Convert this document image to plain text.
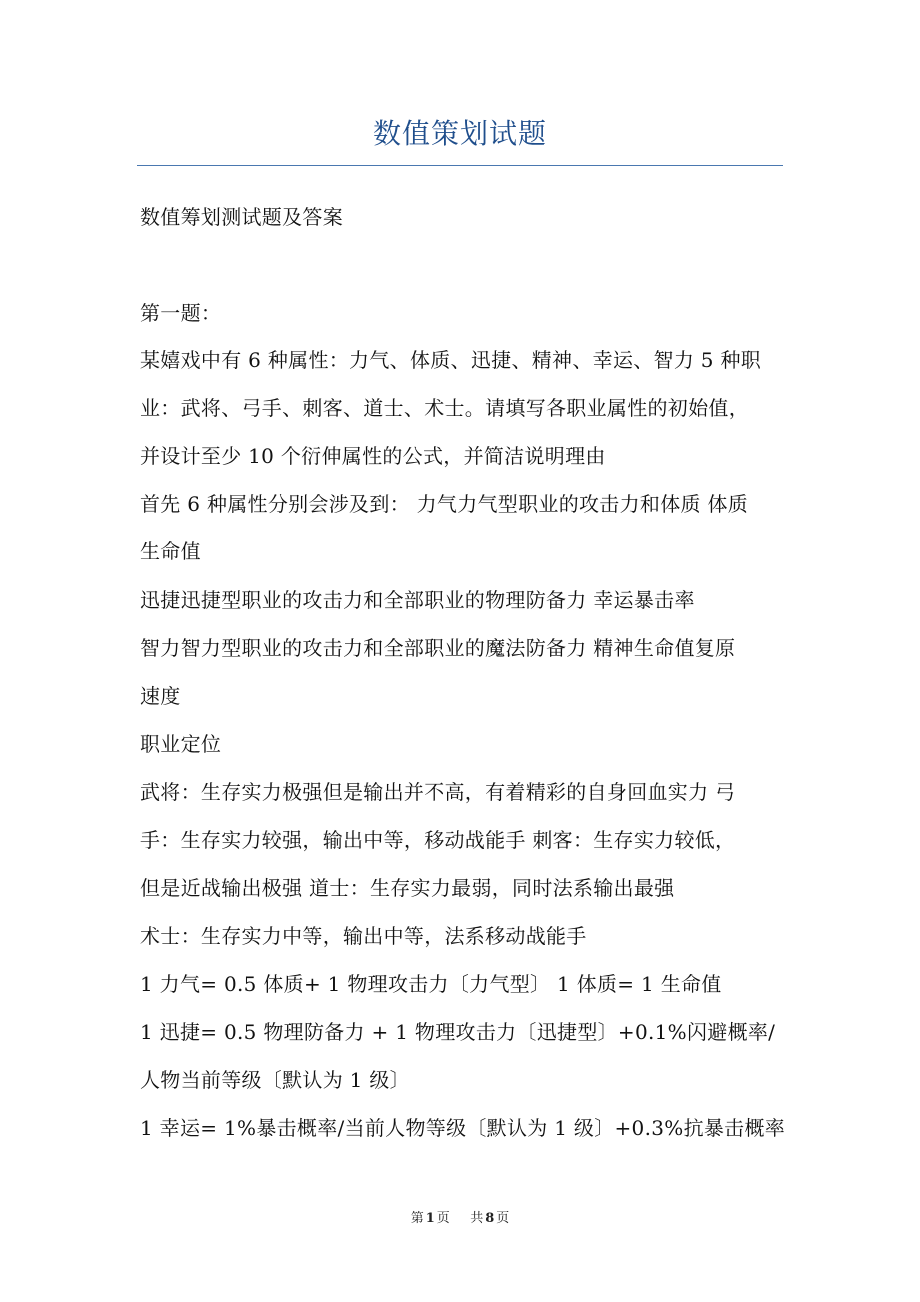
数值策划试题
数值筹划测试题及答案
第一题：
某嬉戏中有 6 种属性：力气、体质、迅捷、精神、幸运、智力 5 种职
业：武将、弓手、刺客、道士、术士。请填写各职业属性的初始值，
并设计至少 10 个衍伸属性的公式，并简洁说明理由
首先 6 种属性分别会涉及到： 力气力气型职业的攻击力和体质 体质
生命值
迅捷迅捷型职业的攻击力和全部职业的物理防备力 幸运暴击率
智力智力型职业的攻击力和全部职业的魔法防备力 精神生命值复原
速度
职业定位
武将：生存实力极强但是输出并不高，有着精彩的自身回血实力 弓
手：生存实力较强，输出中等，移动战能手 刺客：生存实力较低，
但是近战输出极强 道士：生存实力最弱，同时法系输出最强
术士：生存实力中等，输出中等，法系移动战能手
1 力气= 0.5 体质+ 1 物理攻击力〔力气型〕 1 体质= 1 生命值
1 迅捷= 0.5 物理防备力 + 1 物理攻击力〔迅捷型〕+0.1%闪避概率/
人物当前等级〔默认为 1 级〕
1 幸运= 1%暴击概率/当前人物等级〔默认为 1 级〕+0.3%抗暴击概率
第 1 页 共 8 页
